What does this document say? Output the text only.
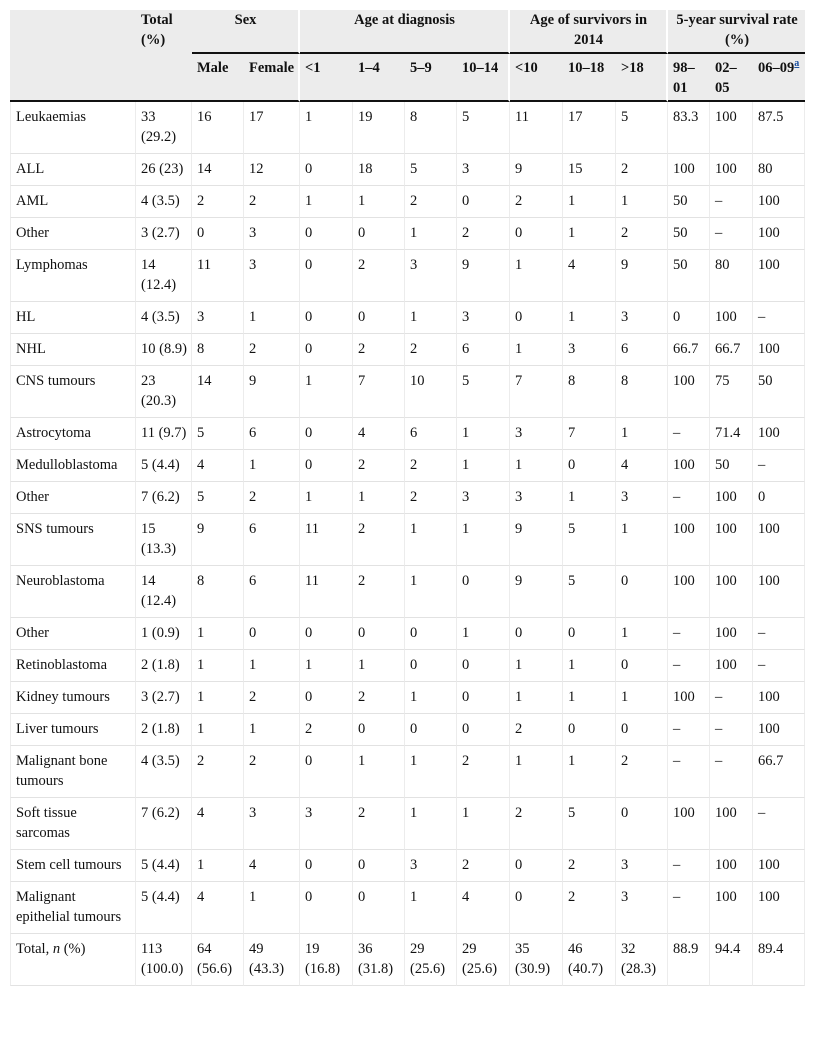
	Total (%)	Sex		Age at diagnosis				Age of survivors in 2014			5-year survival rate (%)		
		Male	Female	<1	1–4	5–9	10–14	<10	10–18	>18	98–01	02–05	06–09$^a$
Leukaemias	33 (29.2)	16	17	1	19	8	5	11	17	5	83.3	100	87.5
ALL	26 (23)	14	12	0	18	5	3	9	15	2	100	100	80
AML	4 (3.5)	2	2	1	1	2	0	2	1	1	50	–	100
Other	3 (2.7)	0	3	0	0	1	2	0	1	2	50	–	100
Lymphomas	14 (12.4)	11	3	0	2	3	9	1	4	9	50	80	100
HL	4 (3.5)	3	1	0	0	1	3	0	1	3	0	100	–
NHL	10 (8.9)	8	2	0	2	2	6	1	3	6	66.7	66.7	100
CNS tumours	23 (20.3)	14	9	1	7	10	5	7	8	8	100	75	50
Astrocytoma	11 (9.7)	5	6	0	4	6	1	3	7	1	–	71.4	100
Medulloblastoma	5 (4.4)	4	1	0	2	2	1	1	0	4	100	50	–
Other	7 (6.2)	5	2	1	1	2	3	3	1	3	–	100	0
SNS tumours	15 (13.3)	9	6	11	2	1	1	9	5	1	100	100	100
Neuroblastoma	14 (12.4)	8	6	11	2	1	0	9	5	0	100	100	100
Other	1 (0.9)	1	0	0	0	0	1	0	0	1	–	100	–
Retinoblastoma	2 (1.8)	1	1	1	1	0	0	1	1	0	–	100	–
Kidney tumours	3 (2.7)	1	2	0	2	1	0	1	1	1	100	–	100
Liver tumours	2 (1.8)	1	1	2	0	0	0	2	0	0	–	–	100
Malignant bone tumours	4 (3.5)	2	2	0	1	1	2	1	1	2	–	–	66.7
Soft tissue sarcomas	7 (6.2)	4	3	3	2	1	1	2	5	0	100	100	–
Stem cell tumours	5 (4.4)	1	4	0	0	3	2	0	2	3	–	100	100
Malignant epithelial tumours	5 (4.4)	4	1	0	0	1	4	0	2	3	–	100	100
Total, n (%)	113 (100.0)	64 (56.6)	49 (43.3)	19 (16.8)	36 (31.8)	29 (25.6)	29 (25.6)	35 (30.9)	46 (40.7)	32 (28.3)	88.9	94.4	89.4
